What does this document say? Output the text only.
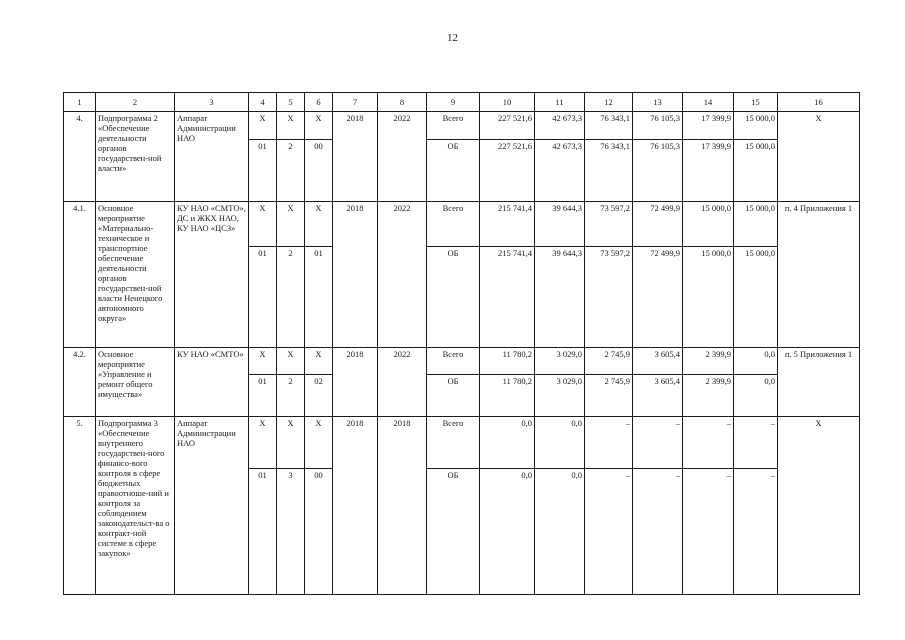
12
1	2	3	4	5	6	7	8	9	10	11	12	13	14	15	16
4.	Подпрограмма 2 «Обеспечение деятельности органов государствен-ной власти»	Аппарат Администрации НАО	Х	Х	Х	2018	2022	Всего	227 521,6	42 673,3	76 343,1	76 105,3	17 399,9	15 000,0	Х
			01	2	00			ОБ	227 521,6	42 673,3	76 343,1	76 105,3	17 399,9	15 000,0	
4.1.	Основное мероприятие «Материально-техническое и транспортное обеспечение деятельности органов государствен-ной власти Ненецкого автономного округа»	КУ НАО «СМТО», ДС и ЖКХ НАО, КУ НАО «ЦСЗ»	Х	Х	Х	2018	2022	Всего	215 741,4	39 644,3	73 597,2	72 499,9	15 000,0	15 000,0	п. 4 Приложения 1
			01	2	01			ОБ	215 741,4	39 644,3	73 597,2	72 499,9	15 000,0	15 000,0	
4.2.	Основное мероприятие «Управление и ремонт общего имущества»	КУ НАО «СМТО»	Х	Х	Х	2018	2022	Всего	11 780,2	3 029,0	2 745,9	3 605,4	2 399,9	0,0	п. 5 Приложения 1
			01	2	02			ОБ	11 780,2	3 029,0	2 745,9	3 605,4	2 399,9	0,0	
5.	Подпрограмма 3 «Обеспечение внутреннего государствен-ного финансо-вого контроля в сфере бюджетных правоотноше-ний и контроля за соблюдением законодательст-ва о контракт-ной системе в сфере закупок»	Аппарат Администрации НАО	Х	Х	Х	2018	2018	Всего	0,0	0,0	–	–	–	–	Х
			01	3	00			ОБ	0,0	0,0	–	–	–	–	
